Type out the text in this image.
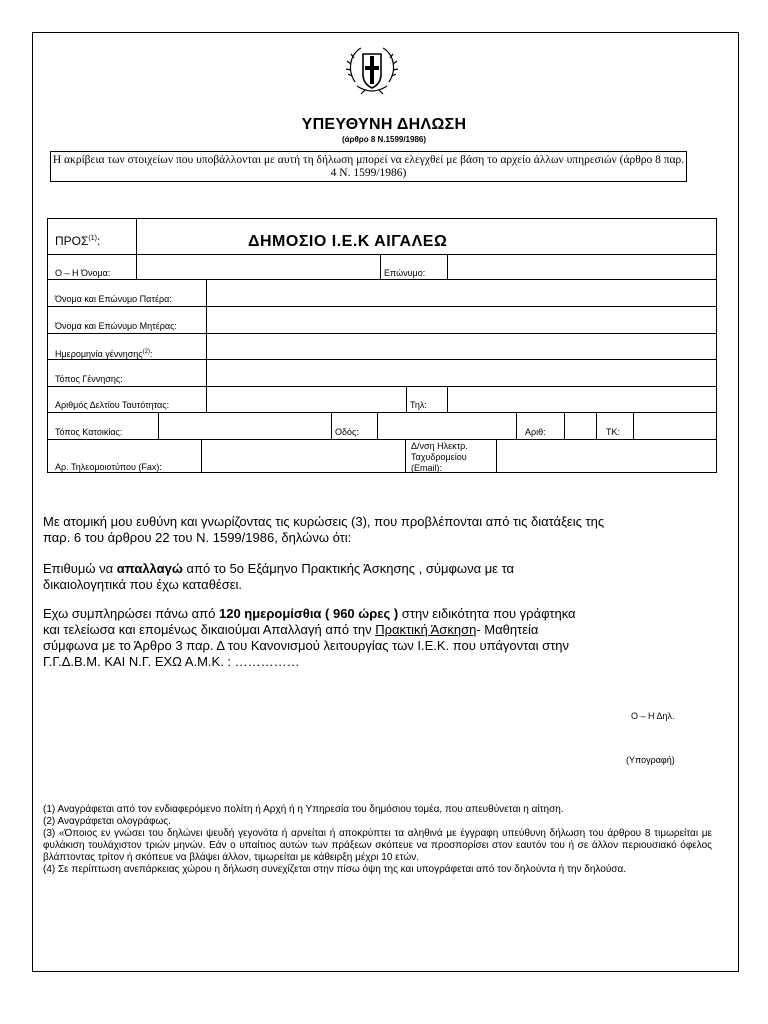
ΥΠΕΥΘΥΝΗ ΔΗΛΩΣΗ
(άρθρο 8 Ν.1599/1986)
Η ακρίβεια των στοιχείων που υποβάλλονται με αυτή τη δήλωση μπορεί να ελεγχθεί με βάση το αρχείο άλλων υπηρεσιών (άρθρο 8 παρ. 4 Ν. 1599/1986)
ΠΡΟΣ$^{(1)}$:	ΔΗΜΟΣΙΟ Ι.Ε.Κ ΑΙΓΑΛΕΩ
Ο – Η Όνομα:	Επώνυμο:
Όνομα και Επώνυμο Πατέρα:
Όνομα και Επώνυμο Μητέρας:
Ημερομηνία γέννησης$^{(2)}$:
Τόπος Γέννησης:
Αριθμός Δελτίου Ταυτότητας:	Τηλ:
Τόπος Κατοικίας:	Οδός:	Αριθ:	ΤΚ:
Αρ. Τηλεομοιοτύπου (Fax):
Δ/νση Ηλεκτρ. Ταχυδρομείου (Email):
Με ατομική μου ευθύνη και γνωρίζοντας τις κυρώσεις (3), που προβλέπονται από τις διατάξεις της
παρ. 6 του άρθρου 22 του Ν. 1599/1986, δηλώνω ότι:
Επιθυμώ να απαλλαγώ από το 5ο Εξάμηνο Πρακτικής Άσκησης , σύμφωνα με τα
δικαιολογητικά που έχω καταθέσει.
Εχω συμπληρώσει πάνω από 120 ημερομίσθια ( 960 ώρες ) στην ειδικότητα που γράφτηκα
και τελείωσα και επομένως δικαιούμαι Απαλλαγή από την Πρακτική Άσκηση- Μαθητεία
σύμφωνα με το Άρθρο 3 παρ. Δ του Κανονισμού λειτουργίας των Ι.Ε.Κ. που υπάγονται στην
Γ.Γ.Δ.Β.Μ. ΚΑΙ Ν.Γ. ΕΧΩ Α.Μ.Κ. : ……………
Ο – Η Δηλ.
(Υπογραφή)

(1) Αναγράφεται από τον ενδιαφερόμενο πολίτη ή Αρχή ή η Υπηρεσία του δημόσιου τομέα, που απευθύνεται η αίτηση.

(2) Αναγράφεται ολογράφως.

(3) «Όποιος εν γνώσει του δηλώνει ψευδή γεγονότα ή αρνείται ή αποκρύπτει τα αληθινά με έγγραφη υπεύθυνη δήλωση του άρθρου 8 τιμωρείται με φυλάκιση τουλάχιστον τριών μηνών. Εάν ο υπαίτιος αυτών των πράξεων σκόπευε να προσπορίσει στον εαυτόν του ή σε άλλον περιουσιακό όφελος βλάπτοντας τρίτον ή σκόπευε να βλάψει άλλον, τιμωρείται με κάθειρξη μέχρι 10 ετών.

(4) Σε περίπτωση ανεπάρκειας χώρου η δήλωση συνεχίζεται στην πίσω όψη της και υπογράφεται από τον δηλούντα ή την δηλούσα.
